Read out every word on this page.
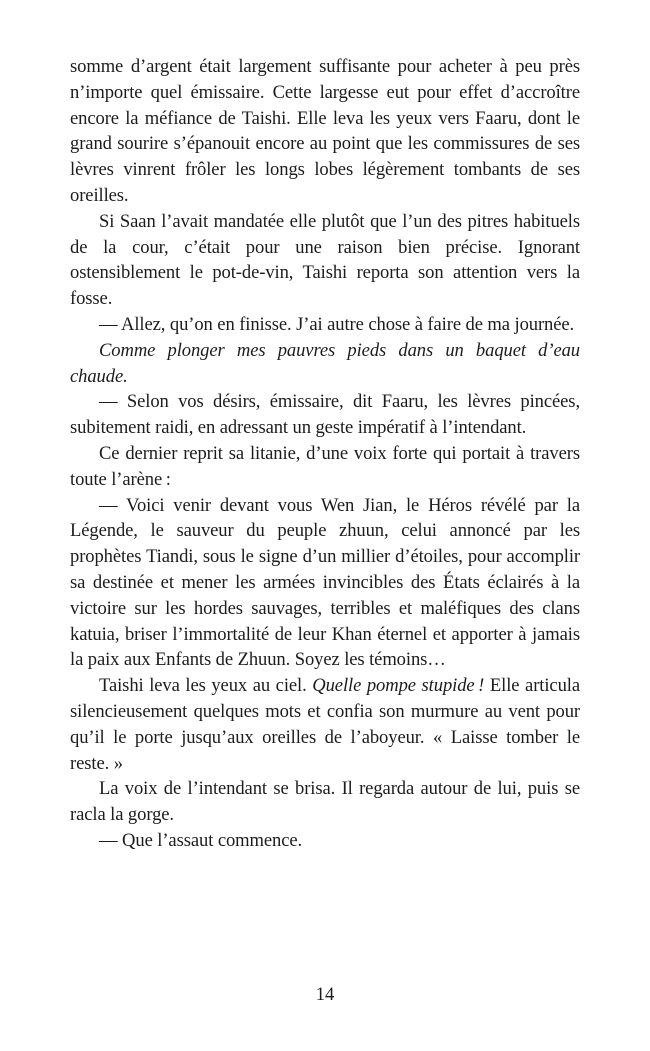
somme d’argent était largement suffisante pour acheter à peu près n’importe quel émissaire. Cette largesse eut pour effet d’accroître encore la méfiance de Taishi. Elle leva les yeux vers Faaru, dont le grand sourire s’épanouit encore au point que les commissures de ses lèvres vinrent frôler les longs lobes légèrement tombants de ses oreilles.

Si Saan l’avait mandatée elle plutôt que l’un des pitres habituels de la cour, c’était pour une raison bien précise. Ignorant ostensiblement le pot-de-vin, Taishi reporta son attention vers la fosse.

— Allez, qu’on en finisse. J’ai autre chose à faire de ma journée.

Comme plonger mes pauvres pieds dans un baquet d’eau chaude.

— Selon vos désirs, émissaire, dit Faaru, les lèvres pincées, subitement raidi, en adressant un geste impératif à l’intendant.

Ce dernier reprit sa litanie, d’une voix forte qui portait à travers toute l’arène :

— Voici venir devant vous Wen Jian, le Héros révélé par la Légende, le sauveur du peuple zhuun, celui annoncé par les prophètes Tiandi, sous le signe d’un millier d’étoiles, pour accomplir sa destinée et mener les armées invincibles des États éclairés à la victoire sur les hordes sauvages, terribles et maléfiques des clans katuia, briser l’immortalité de leur Khan éternel et apporter à jamais la paix aux Enfants de Zhuun. Soyez les témoins…

Taishi leva les yeux au ciel. Quelle pompe stupide ! Elle articula silencieusement quelques mots et confia son murmure au vent pour qu’il le porte jusqu’aux oreilles de l’aboyeur. « Laisse tomber le reste. »

La voix de l’intendant se brisa. Il regarda autour de lui, puis se racla la gorge.

— Que l’assaut commence.

14
